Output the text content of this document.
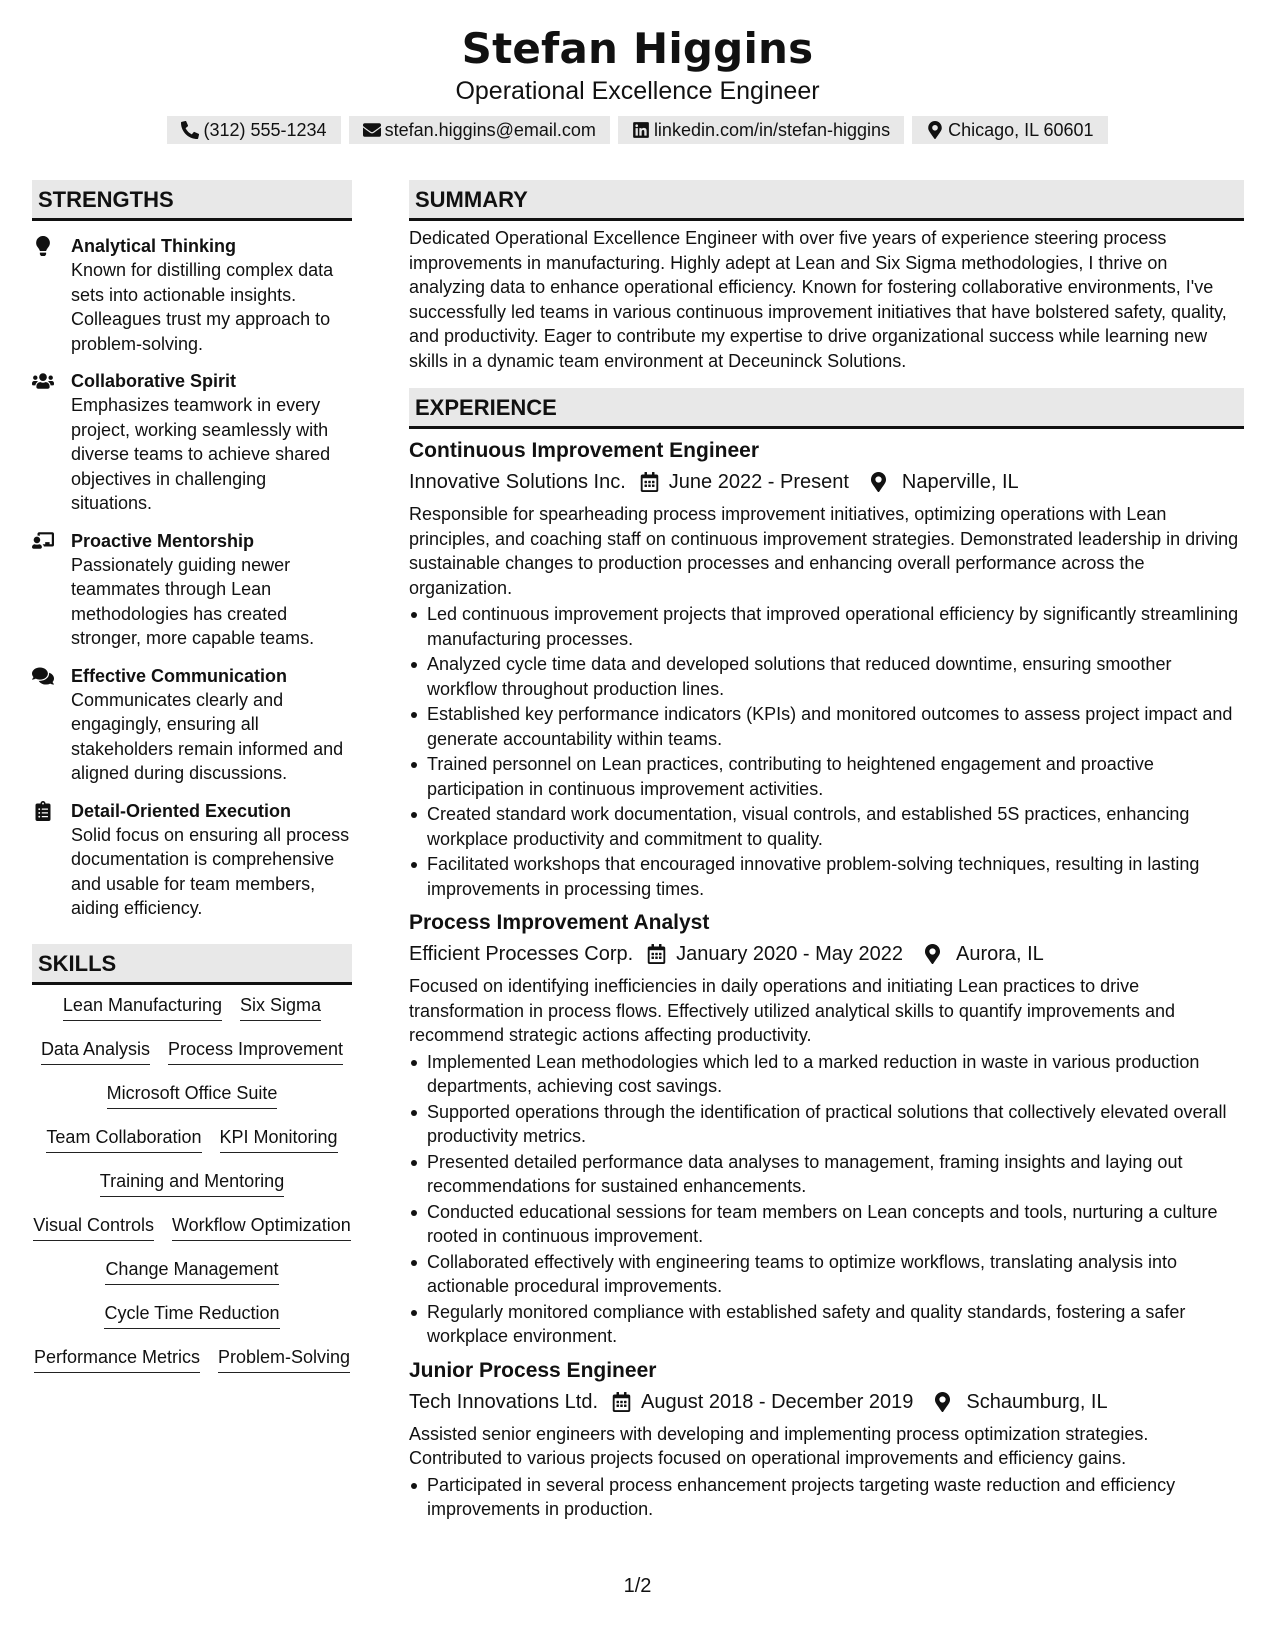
Stefan Higgins
Operational Excellence Engineer
(312) 555-1234	stefan.higgins@email.com	linkedin.com/in/stefan-higgins	Chicago, IL 60601
STRENGTHS
Analytical Thinking
Known for distilling complex data sets into actionable insights. Colleagues trust my approach to problem-solving.
Collaborative Spirit
Emphasizes teamwork in every project, working seamlessly with diverse teams to achieve shared objectives in challenging situations.
Proactive Mentorship
Passionately guiding newer teammates through Lean methodologies has created stronger, more capable teams.
Effective Communication
Communicates clearly and engagingly, ensuring all stakeholders remain informed and aligned during discussions.
Detail-Oriented Execution
Solid focus on ensuring all process documentation is comprehensive and usable for team members, aiding efficiency.
SKILLS
Lean Manufacturing Six Sigma
Data Analysis Process Improvement
Microsoft Office Suite
Team Collaboration KPI Monitoring
Training and Mentoring
Visual Controls Workflow Optimization
Change Management
Cycle Time Reduction
Performance Metrics Problem-Solving
SUMMARY
Dedicated Operational Excellence Engineer with over five years of experience steering process improvements in manufacturing. Highly adept at Lean and Six Sigma methodologies, I thrive on analyzing data to enhance operational efficiency. Known for fostering collaborative environments, I've successfully led teams in various continuous improvement initiatives that have bolstered safety, quality, and productivity. Eager to contribute my expertise to drive organizational success while learning new skills in a dynamic team environment at Deceuninck Solutions.
EXPERIENCE
Continuous Improvement Engineer
Innovative Solutions Inc. June 2022 - Present	Naperville, IL
Responsible for spearheading process improvement initiatives, optimizing operations with Lean principles, and coaching staff on continuous improvement strategies. Demonstrated leadership in driving sustainable changes to production processes and enhancing overall performance across the organization.
Led continuous improvement projects that improved operational efficiency by significantly streamlining manufacturing processes.
Analyzed cycle time data and developed solutions that reduced downtime, ensuring smoother workflow throughout production lines.
Established key performance indicators (KPIs) and monitored outcomes to assess project impact and generate accountability within teams.
Trained personnel on Lean practices, contributing to heightened engagement and proactive participation in continuous improvement activities.
Created standard work documentation, visual controls, and established 5S practices, enhancing workplace productivity and commitment to quality.
Facilitated workshops that encouraged innovative problem-solving techniques, resulting in lasting improvements in processing times.
Process Improvement Analyst
Efficient Processes Corp. January 2020 - May 2022	Aurora, IL
Focused on identifying inefficiencies in daily operations and initiating Lean practices to drive transformation in process flows. Effectively utilized analytical skills to quantify improvements and recommend strategic actions affecting productivity.
Implemented Lean methodologies which led to a marked reduction in waste in various production departments, achieving cost savings.
Supported operations through the identification of practical solutions that collectively elevated overall productivity metrics.
Presented detailed performance data analyses to management, framing insights and laying out recommendations for sustained enhancements.
Conducted educational sessions for team members on Lean concepts and tools, nurturing a culture rooted in continuous improvement.
Collaborated effectively with engineering teams to optimize workflows, translating analysis into actionable procedural improvements.
Regularly monitored compliance with established safety and quality standards, fostering a safer workplace environment.
Junior Process Engineer
Tech Innovations Ltd. August 2018 - December 2019	Schaumburg, IL
Assisted senior engineers with developing and implementing process optimization strategies. Contributed to various projects focused on operational improvements and efficiency gains.
Participated in several process enhancement projects targeting waste reduction and efficiency improvements in production.
1/2
